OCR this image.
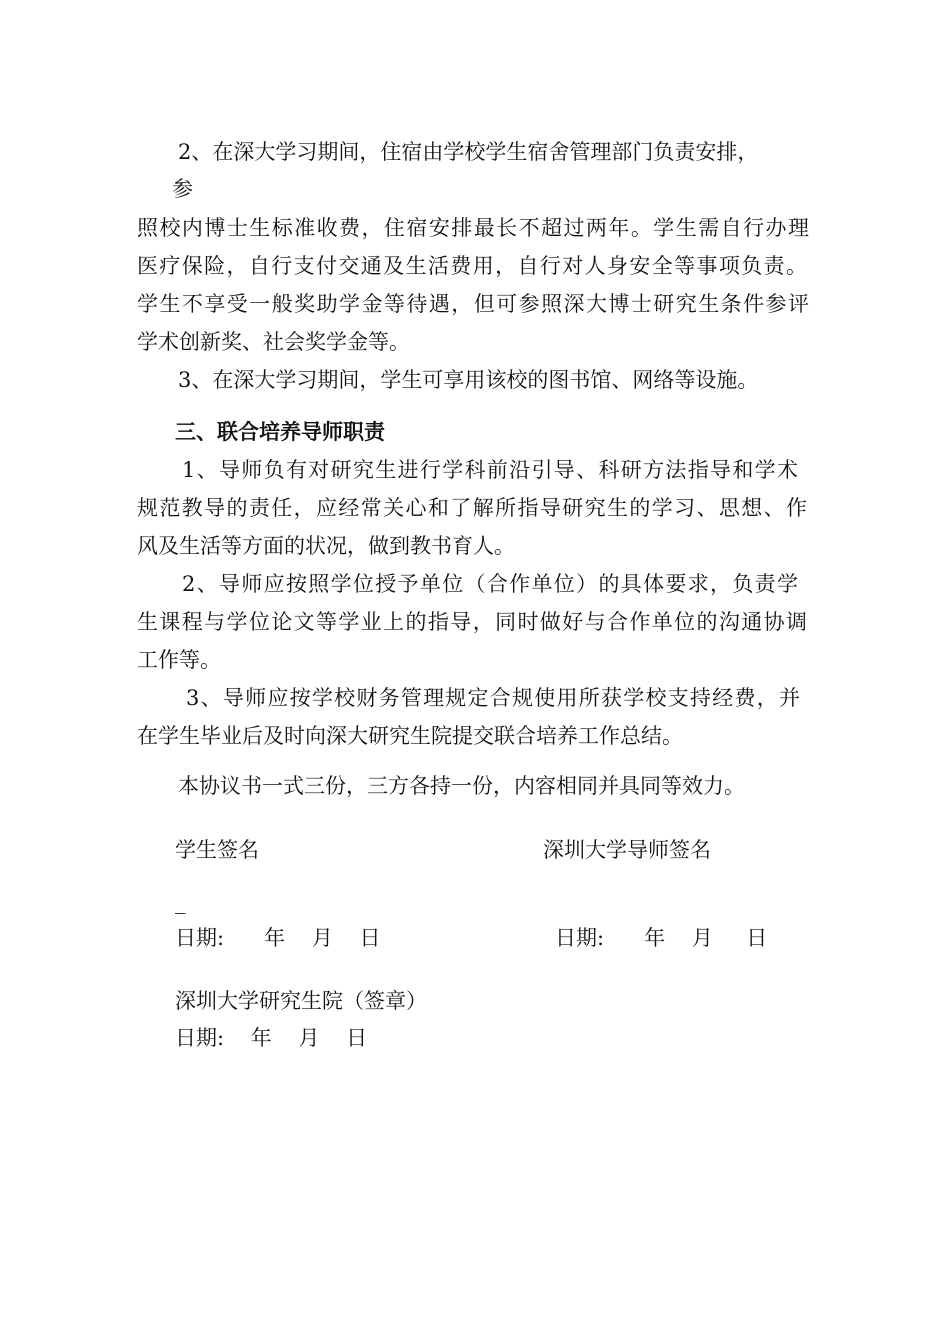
2、在深大学习期间，住宿由学校学生宿舍管理部门负责安排，
参
照校内博士生标准收费，住宿安排最长不超过两年。学生需自行办理
医疗保险，自行支付交通及生活费用，自行对人身安全等事项负责。
学生不享受一般奖助学金等待遇，但可参照深大博士研究生条件参评
学术创新奖、社会奖学金等。
3、在深大学习期间，学生可享用该校的图书馆、网络等设施。
三、联合培养导师职责
1、导师负有对研究生进行学科前沿引导、科研方法指导和学术
规范教导的责任，应经常关心和了解所指导研究生的学习、思想、作
风及生活等方面的状况，做到教书育人。
2、导师应按照学位授予单位（合作单位）的具体要求，负责学
生课程与学位论文等学业上的指导，同时做好与合作单位的沟通协调
工作等。
3、导师应按学校财务管理规定合规使用所获学校支持经费，并
在学生毕业后及时向深大研究生院提交联合培养工作总结。
本协议书一式三份，三方各持一份，内容相同并具同等效力。
学生签名	深圳大学导师签名
_
日期:      年    月    日	日期:      年    月     日
深圳大学研究生院（签章）
日期:    年    月    日
